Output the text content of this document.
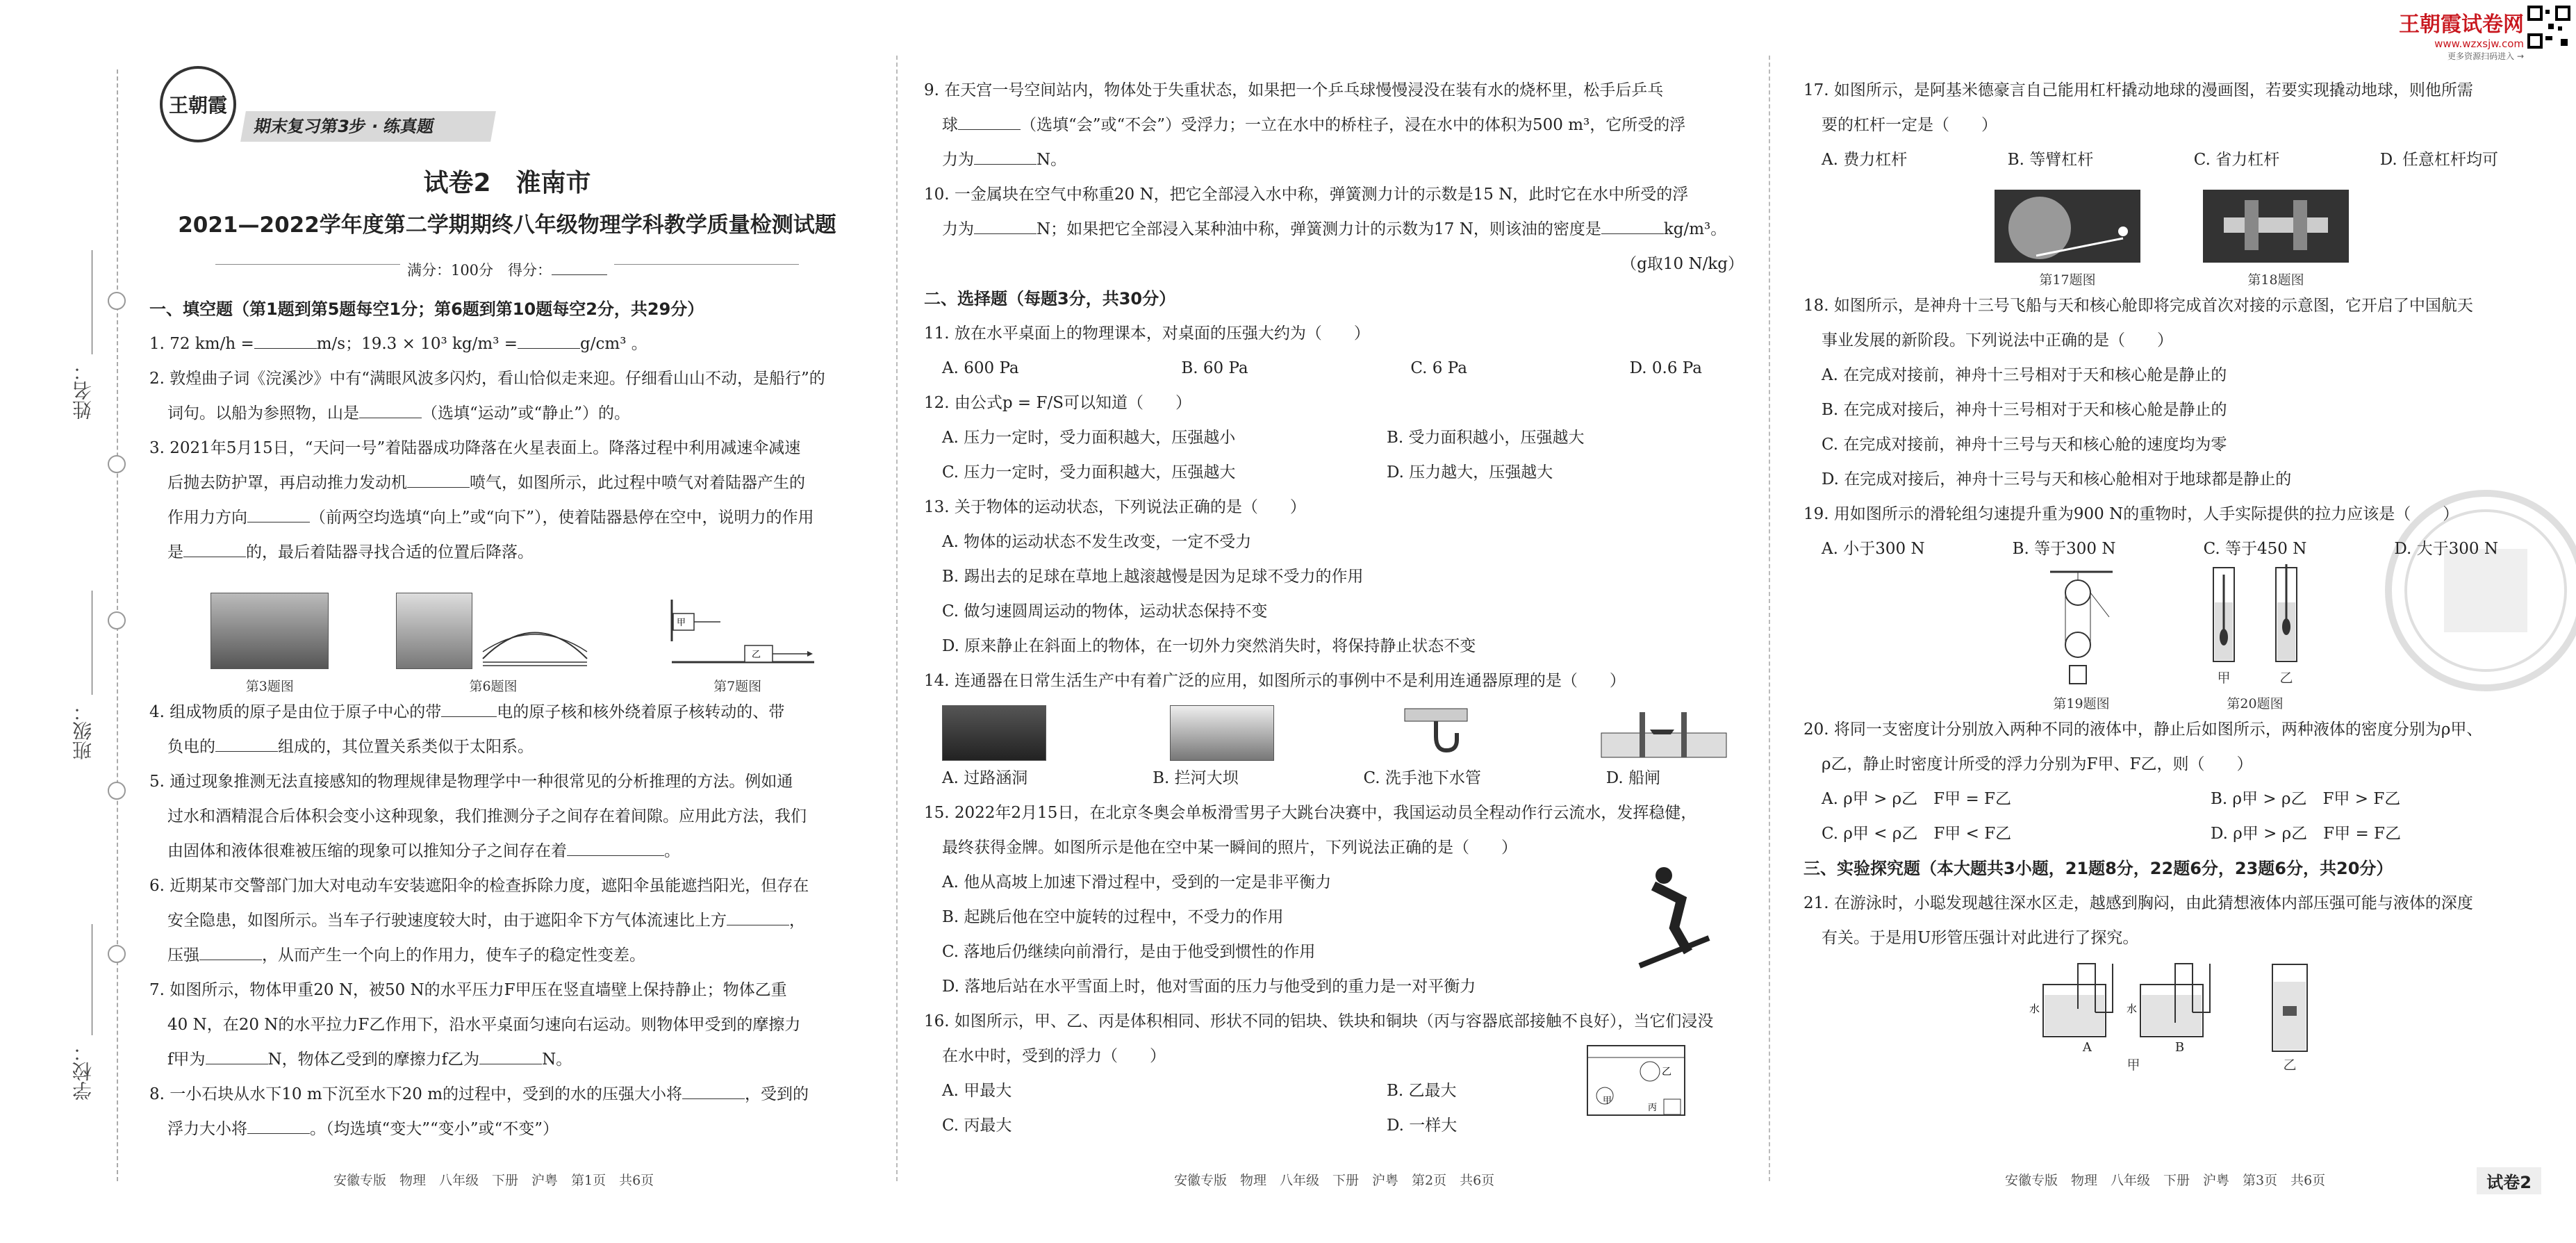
姓名：
班级：
学校：
王朝霞
期末复习第3步 · 练真题
试卷2　淮南市
2021—2022学年度第二学期期终八年级物理学科教学质量检测试题
满分：100分　得分：
一、填空题（第1题到第5题每空1分；第6题到第10题每空2分，共29分）
1. 72 km/h =	m/s；19.3 × 10³ kg/m³ =	g/cm³ 。
2. 敦煌曲子词《浣溪沙》中有“满眼风波多闪灼，看山恰似走来迎。仔细看山山不动，是船行”的
词句。以船为参照物，山是	（选填“运动”或“静止”）的。
3. 2021年5月15日，“天问一号”着陆器成功降落在火星表面上。降落过程中利用减速伞减速
后抛去防护罩，再启动推力发动机	喷气，如图所示，此过程中喷气对着陆器产生的
作用力方向	（前两空均选填“向上”或“向下”），使着陆器悬停在空中，说明力的作用
是	的，最后着陆器寻找合适的位置后降落。
第3题图	第6题图
甲
乙
第7题图
4. 组成物质的原子是由位于原子中心的带	电的原子核和核外绕着原子核转动的、带
负电的	组成的，其位置关系类似于太阳系。
5. 通过现象推测无法直接感知的物理规律是物理学中一种很常见的分析推理的方法。例如通
过水和酒精混合后体积会变小这种现象，我们推测分子之间存在着间隙。应用此方法，我们
由固体和液体很难被压缩的现象可以推知分子之间存在着	。
6. 近期某市交警部门加大对电动车安装遮阳伞的检查拆除力度，遮阳伞虽能遮挡阳光，但存在
安全隐患，如图所示。当车子行驶速度较大时，由于遮阳伞下方气体流速比上方	，
压强	，从而产生一个向上的作用力，使车子的稳定性变差。
7. 如图所示，物体甲重20 N，被50 N的水平压力F甲压在竖直墙壁上保持静止；物体乙重
40 N，在20 N的水平拉力F乙作用下，沿水平桌面匀速向右运动。则物体甲受到的摩擦力
f甲为	N，物体乙受到的摩擦力f乙为	N。
8. 一小石块从水下10 m下沉至水下20 m的过程中，受到的水的压强大小将	，受到的
浮力大小将	。（均选填“变大”“变小”或“不变”）
安徽专版　物理　八年级　下册　沪粤　第1页　共6页
9. 在天宫一号空间站内，物体处于失重状态，如果把一个乒乓球慢慢浸没在装有水的烧杯里，松手后乒乓
球	（选填“会”或“不会”）受浮力；一立在水中的桥柱子，浸在水中的体积为500 m³，它所受的浮
力为	N。
10. 一金属块在空气中称重20 N，把它全部浸入水中称，弹簧测力计的示数是15 N，此时它在水中所受的浮
力为	N；如果把它全部浸入某种油中称，弹簧测力计的示数为17 N，则该油的密度是	kg/m³。
（g取10 N/kg）
二、选择题（每题3分，共30分）
11. 放在水平桌面上的物理课本，对桌面的压强大约为（　　）
A. 600 Pa	B. 60 Pa	C. 6 Pa	D. 0.6 Pa
12. 由公式p = F/S可以知道（　　）
A. 压力一定时，受力面积越大，压强越小	B. 受力面积越小，压强越大
C. 压力一定时，受力面积越大，压强越大	D. 压力越大，压强越大
13. 关于物体的运动状态，下列说法正确的是（　　）
A. 物体的运动状态不发生改变，一定不受力
B. 踢出去的足球在草地上越滚越慢是因为足球不受力的作用
C. 做匀速圆周运动的物体，运动状态保持不变
D. 原来静止在斜面上的物体，在一切外力突然消失时，将保持静止状态不变
14. 连通器在日常生活生产中有着广泛的应用，如图所示的事例中不是利用连通器原理的是（　　）
A. 过路涵洞	B. 拦河大坝	C. 洗手池下水管	D. 船闸
15. 2022年2月15日，在北京冬奥会单板滑雪男子大跳台决赛中，我国运动员全程动作行云流水，发挥稳健，
最终获得金牌。如图所示是他在空中某一瞬间的照片，下列说法正确的是（　　）
A. 他从高坡上加速下滑过程中，受到的一定是非平衡力
B. 起跳后他在空中旋转的过程中，不受力的作用
C. 落地后仍继续向前滑行，是由于他受到惯性的作用
D. 落地后站在水平雪面上时，他对雪面的压力与他受到的重力是一对平衡力
16. 如图所示，甲、乙、丙是体积相同、形状不同的铝块、铁块和铜块（丙与容器底部接触不良好），当它们浸没
在水中时，受到的浮力（　　）
A. 甲最大	B. 乙最大
C. 丙最大	D. 一样大
乙
甲
丙
安徽专版　物理　八年级　下册　沪粤　第2页　共6页
王朝霞试卷网
www.wzxsjw.com
更多资源扫码进入 →
17. 如图所示，是阿基米德豪言自己能用杠杆撬动地球的漫画图，若要实现撬动地球，则他所需
要的杠杆一定是（　　）
A. 费力杠杆	B. 等臂杠杆	C. 省力杠杆	D. 任意杠杆均可
第17题图	第18题图
18. 如图所示，是神舟十三号飞船与天和核心舱即将完成首次对接的示意图，它开启了中国航天
事业发展的新阶段。下列说法中正确的是（　　）
A. 在完成对接前，神舟十三号相对于天和核心舱是静止的
B. 在完成对接后，神舟十三号相对于天和核心舱是静止的
C. 在完成对接前，神舟十三号与天和核心舱的速度均为零
D. 在完成对接后，神舟十三号与天和核心舱相对于地球都是静止的
19. 用如图所示的滑轮组匀速提升重为900 N的重物时，人手实际提供的拉力应该是（　　）
A. 小于300 N	B. 等于300 N	C. 等于450 N	D. 大于300 N
第19题图
甲	乙
第20题图
20. 将同一支密度计分别放入两种不同的液体中，静止后如图所示，两种液体的密度分别为ρ甲、
ρ乙，静止时密度计所受的浮力分别为F甲、F乙，则（　　）
A. ρ甲 > ρ乙　F甲 = F乙	B. ρ甲 > ρ乙　F甲 > F乙
C. ρ甲 < ρ乙　F甲 < F乙	D. ρ甲 > ρ乙　F甲 = F乙
三、实验探究题（本大题共3小题，21题8分，22题6分，23题6分，共20分）
21. 在游泳时，小聪发现越往深水区走，越感到胸闷，由此猜想液体内部压强可能与液体的深度
有关。于是用U形管压强计对此进行了探究。
水	水
A	B
甲	乙
安徽专版　物理　八年级　下册　沪粤　第3页　共6页	试卷2
